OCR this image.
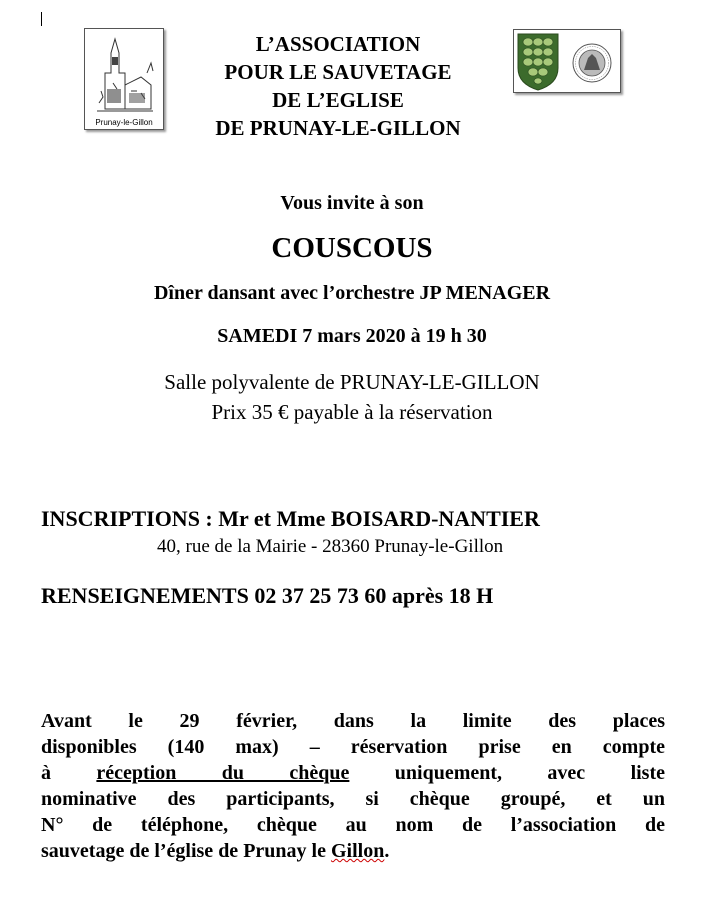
Prunay-le-Gillon
L’ASSOCIATION
POUR LE SAUVETAGE
DE L’EGLISE
DE PRUNAY-LE-GILLON
Vous invite à son
COUSCOUS
Dîner dansant avec l’orchestre JP MENAGER
SAMEDI 7 mars 2020 à 19 h 30
Salle polyvalente de PRUNAY-LE-GILLON
Prix 35 € payable à la réservation
INSCRIPTIONS : Mr et Mme BOISARD-NANTIER
40, rue de la Mairie - 28360 Prunay-le-Gillon
RENSEIGNEMENTS 02 37 25 73 60 après 18 H
Avant le 29 février, dans la limite des places
disponibles (140 max) – réservation prise en compte
à réception du chèque uniquement, avec liste
nominative des participants, si chèque groupé, et un
N° de téléphone, chèque au nom de l’association de
sauvetage de l’église de Prunay le Gillon.
